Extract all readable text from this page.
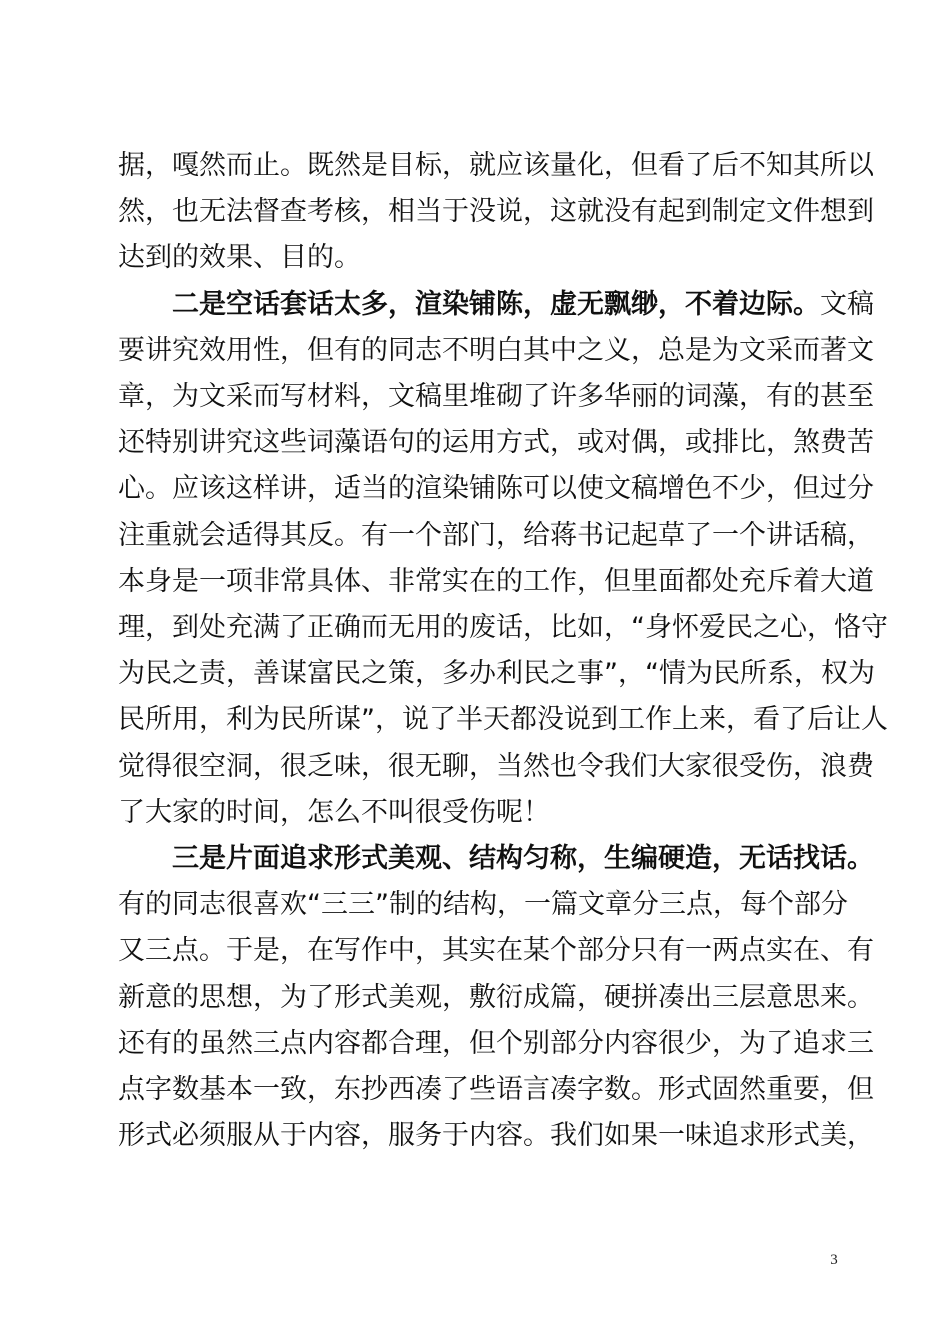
据，嘎然而止。既然是目标，就应该量化，但看了后不知其所以
然，也无法督查考核，相当于没说，这就没有起到制定文件想到
达到的效果、目的。
　　二是空话套话太多，渲染铺陈，虚无飘缈，不着边际。文稿
要讲究效用性，但有的同志不明白其中之义，总是为文采而著文
章，为文采而写材料，文稿里堆砌了许多华丽的词藻，有的甚至
还特别讲究这些词藻语句的运用方式，或对偶，或排比，煞费苦
心。应该这样讲，适当的渲染铺陈可以使文稿增色不少，但过分
注重就会适得其反。有一个部门，给蒋书记起草了一个讲话稿，
本身是一项非常具体、非常实在的工作，但里面都处充斥着大道
理，到处充满了正确而无用的废话，比如，“身怀爱民之心，恪守
为民之责，善谋富民之策，多办利民之事”，“情为民所系，权为
民所用，利为民所谋”，说了半天都没说到工作上来，看了后让人
觉得很空洞，很乏味，很无聊，当然也令我们大家很受伤，浪费
了大家的时间，怎么不叫很受伤呢！
　　三是片面追求形式美观、结构匀称，生编硬造，无话找话。
有的同志很喜欢“三三”制的结构，一篇文章分三点，每个部分
又三点。于是，在写作中，其实在某个部分只有一两点实在、有
新意的思想，为了形式美观，敷衍成篇，硬拼凑出三层意思来。
还有的虽然三点内容都合理，但个别部分内容很少，为了追求三
点字数基本一致，东抄西凑了些语言凑字数。形式固然重要，但
形式必须服从于内容，服务于内容。我们如果一味追求形式美，
3
